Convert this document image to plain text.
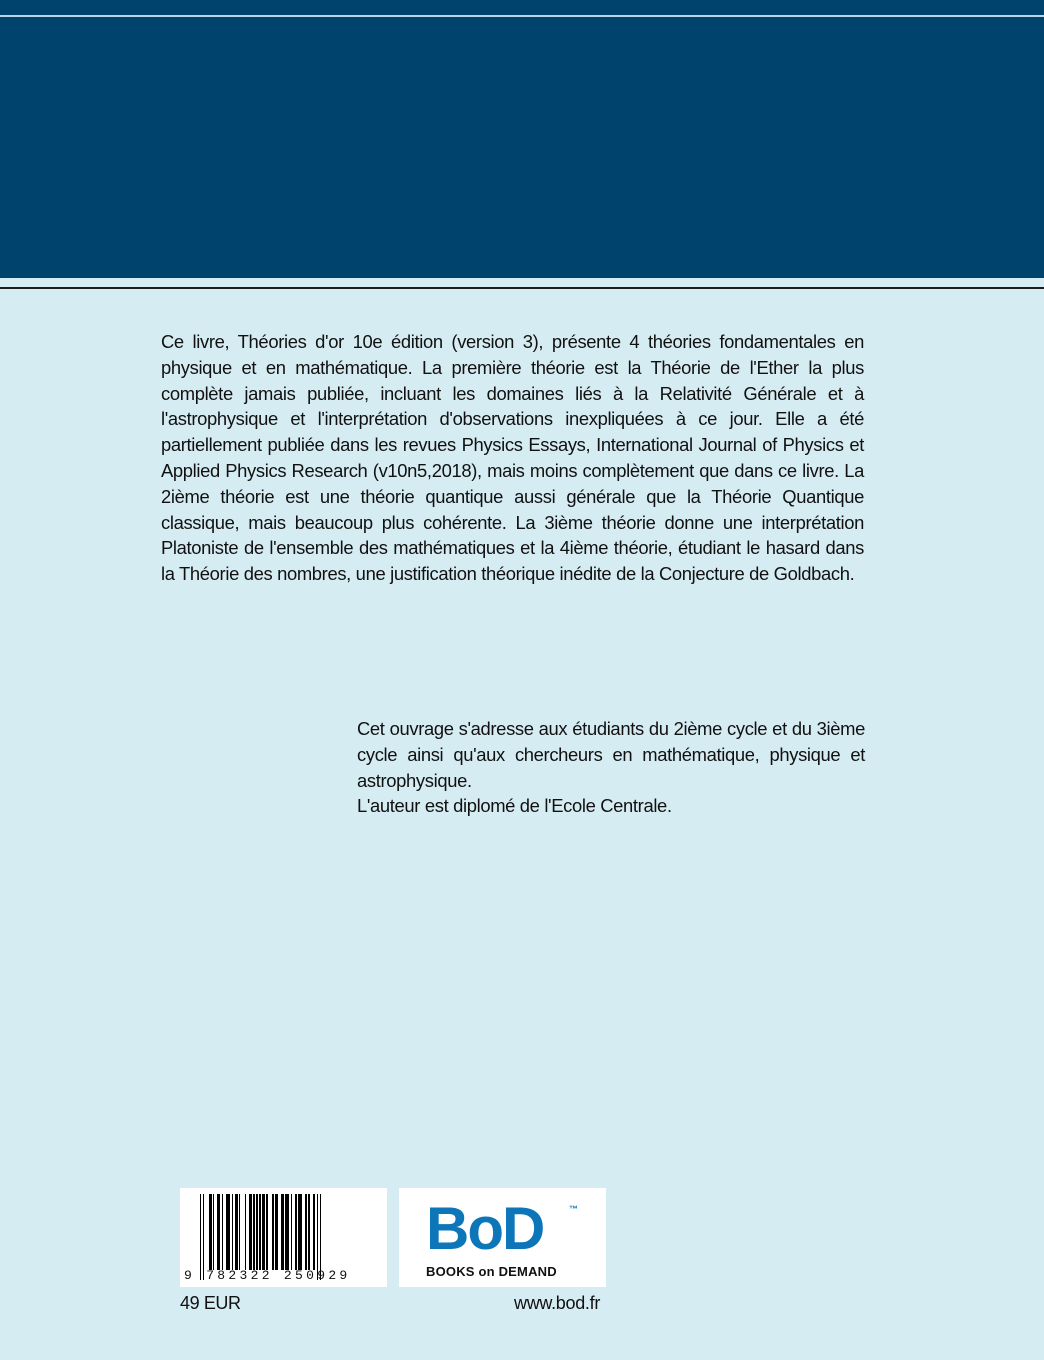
Ce livre, Théories d'or 10e édition (version 3), présente 4 théories fondamentales en physique et en mathématique. La première théorie est la Théorie de l'Ether la plus complète jamais publiée, incluant les domaines liés à la Relativité Générale et à l'astrophysique et l'interprétation d'observations inexpliquées à ce jour. Elle a été partiellement publiée dans les revues Physics Essays, International Journal of Physics et Applied Physics Research (v10n5,2018), mais moins complètement que dans ce livre. La 2ième théorie est une théorie quantique aussi générale que la Théorie Quantique classique, mais beaucoup plus cohérente. La 3ième théorie donne une interprétation Platoniste de l'ensemble des mathématiques et la 4ième théorie, étudiant le hasard dans la Théorie des nombres, une justification théorique inédite de la Conjecture de Goldbach.

Cet ouvrage s'adresse aux étudiants du 2ième cycle et du 3ième cycle ainsi qu'aux chercheurs en mathématique, physique et astrophysique.

L'auteur est diplomé de l'Ecole Centrale.

9 782322 250929
BoD	™
BOOKS on DEMAND
49 EUR	www.bod.fr
